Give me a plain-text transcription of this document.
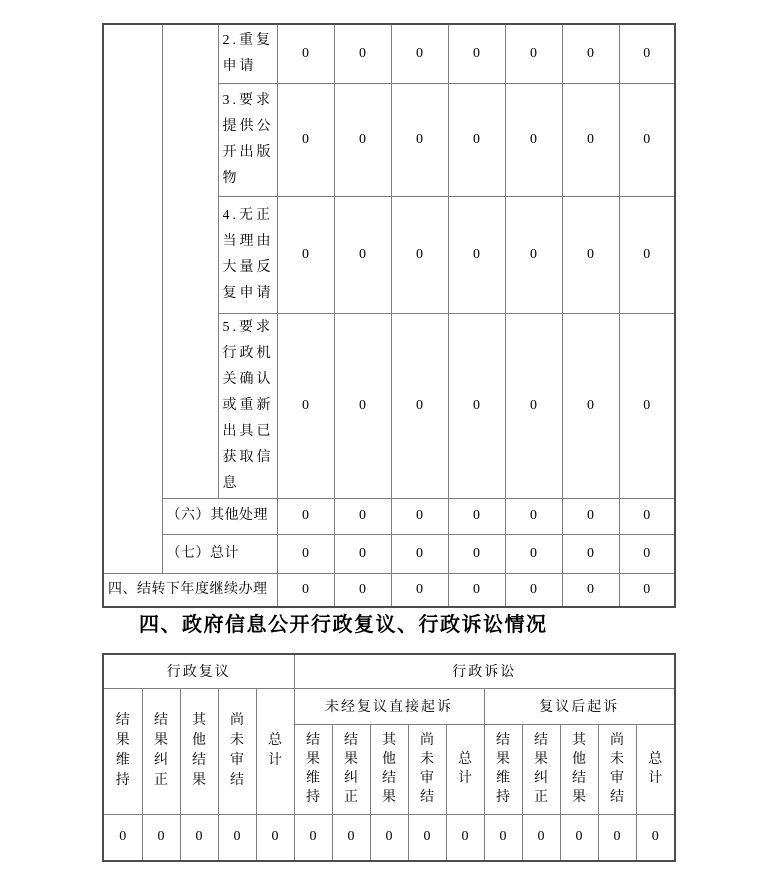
		2.重复申请	0	0	0	0	0	0	0

		3.要求提供公开出版物	0	0	0	0	0	0	0

		4.无正当理由大量反复申请	0	0	0	0	0	0	0

		5.要求行政机关确认或重新出具已获取信息	0	0	0	0	0	0	0
	（六）其他处理		0	0	0	0	0	0	0
	（七）总计		0	0	0	0	0	0	0
四、结转下年度继续办理			0	0	0	0	0	0	0
四、政府信息公开行政复议、行政诉讼情况
行政复议					行政诉讼									

结果维持	结果纠正	其他结果	尚未审结	总计	未经复议直接起诉					复议后起诉				

					结果维持	结果纠正	其他结果	尚未审结	总计	结果维持	结果纠正	其他结果	尚未审结	总计

0	0	0	0	0	0	0	0	0	0	0	0	0	0	0
